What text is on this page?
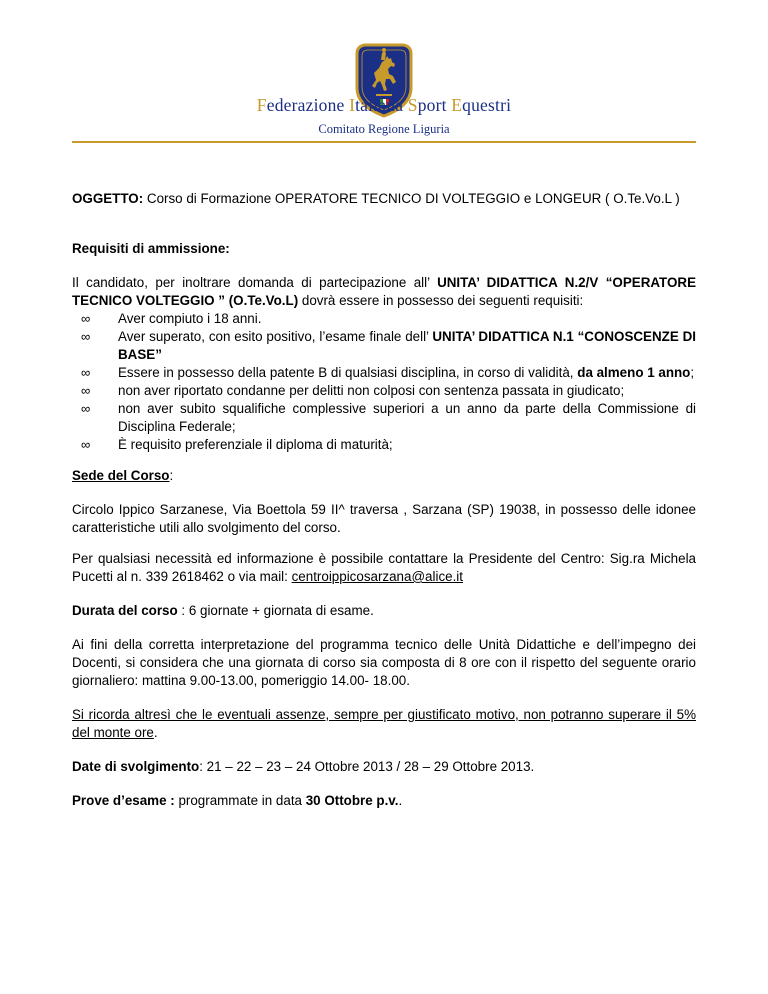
Federazione Italiana Sport Equestri
Comitato Regione Liguria

OGGETTO: Corso di Formazione OPERATORE TECNICO DI VOLTEGGIO e LONGEUR ( O.Te.Vo.L )

Requisiti di ammissione:

Il candidato, per inoltrare domanda di partecipazione all’ UNITA’ DIDATTICA N.2/V “OPERATORE TECNICO VOLTEGGIO ” (O.Te.Vo.L) dovrà essere in possesso dei seguenti requisiti:

∞ Aver compiuto i 18 anni.
∞ Aver superato, con esito positivo, l’esame finale dell’ UNITA’ DIDATTICA N.1 “CONOSCENZE DI BASE”
∞ Essere in possesso della patente B di qualsiasi disciplina, in corso di validità, da almeno 1 anno;
∞ non aver riportato condanne per delitti non colposi con sentenza passata in giudicato;
∞ non aver subito squalifiche complessive superiori a un anno da parte della Commissione di Disciplina Federale;
∞ È requisito preferenziale il diploma di maturità;

Sede del Corso:

Circolo Ippico Sarzanese, Via Boettola 59 II^ traversa , Sarzana (SP) 19038, in possesso delle idonee caratteristiche utili allo svolgimento del corso.

Per qualsiasi necessità ed informazione è possibile contattare la Presidente del Centro: Sig.ra Michela Pucetti al n. 339 2618462 o via mail: centroippicosarzana@alice.it

Durata del corso : 6 giornate + giornata di esame.

Ai fini della corretta interpretazione del programma tecnico delle Unità Didattiche e dell’impegno dei Docenti, si considera che una giornata di corso sia composta di 8 ore con il rispetto del seguente orario giornaliero: mattina 9.00-13.00, pomeriggio 14.00- 18.00.

Si ricorda altresì che le eventuali assenze, sempre per giustificato motivo, non potranno superare il 5% del monte ore.

Date di svolgimento: 21 – 22 – 23 – 24 Ottobre 2013 / 28 – 29 Ottobre 2013.

Prove d’esame : programmate in data 30 Ottobre p.v..
